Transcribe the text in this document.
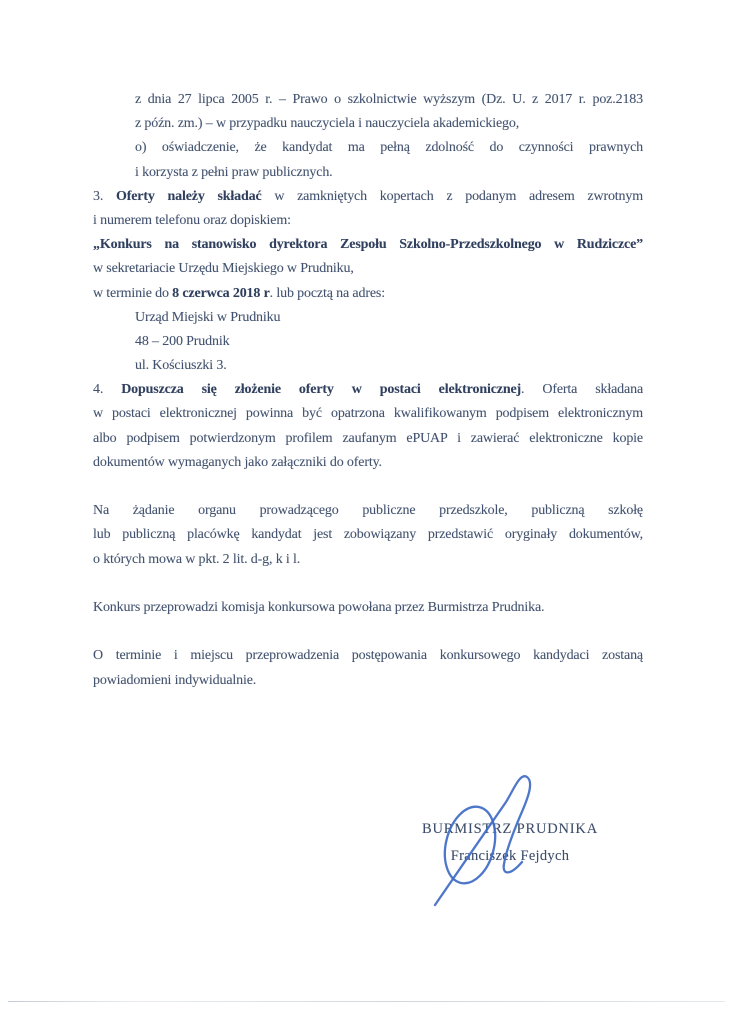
z dnia 27 lipca 2005 r. – Prawo o szkolnictwie wyższym (Dz. U. z 2017 r. poz.2183
z późn. zm.) – w przypadku nauczyciela i nauczyciela akademickiego,
o) oświadczenie, że kandydat ma pełną zdolność do czynności prawnych
i korzysta z pełni praw publicznych.
3. Oferty należy składać w zamkniętych kopertach z podanym adresem zwrotnym
i numerem telefonu oraz dopiskiem:
„Konkurs na stanowisko dyrektora Zespołu Szkolno-Przedszkolnego w Rudziczce”
w sekretariacie Urzędu Miejskiego w Prudniku,
w terminie do 8 czerwca 2018 r. lub pocztą na adres:
Urząd Miejski w Prudniku
48 – 200 Prudnik
ul. Kościuszki 3.
4. Dopuszcza się złożenie oferty w postaci elektronicznej. Oferta składana
w postaci elektronicznej powinna być opatrzona kwalifikowanym podpisem elektronicznym
albo podpisem potwierdzonym profilem zaufanym ePUAP i zawierać elektroniczne kopie
dokumentów wymaganych jako załączniki do oferty.
Na żądanie organu prowadzącego publiczne przedszkole, publiczną szkołę
lub publiczną placówkę kandydat jest zobowiązany przedstawić oryginały dokumentów,
o których mowa w pkt. 2 lit. d-g, k i l.
Konkurs przeprowadzi komisja konkursowa powołana przez Burmistrza Prudnika.
O terminie i miejscu przeprowadzenia postępowania konkursowego kandydaci zostaną
powiadomieni indywidualnie.
BURMISTRZ PRUDNIKA
Franciszek Fejdych
